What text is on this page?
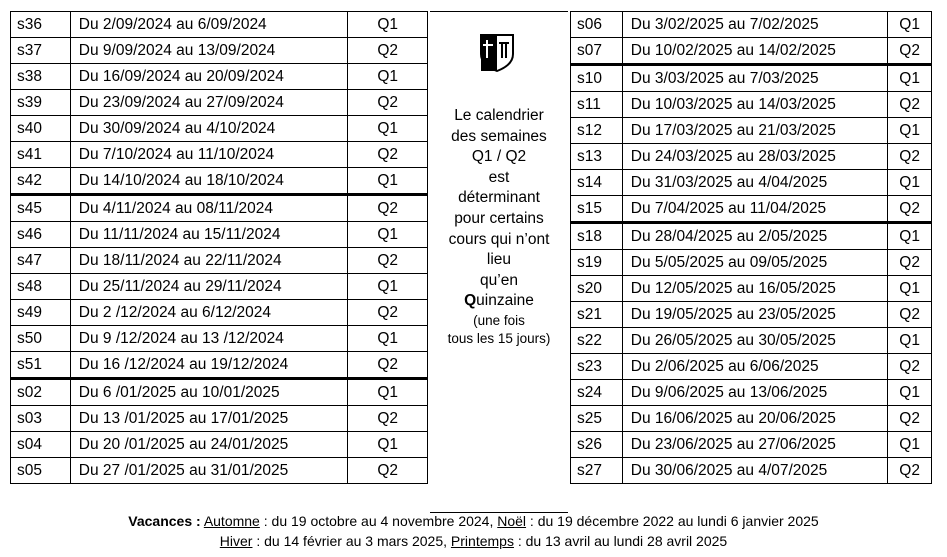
s36	Du 2/09/2024 au 6/09/2024	Q1
s37	Du 9/09/2024 au 13/09/2024	Q2
s38	Du 16/09/2024 au 20/09/2024	Q1
s39	Du 23/09/2024 au 27/09/2024	Q2
s40	Du 30/09/2024 au 4/10/2024	Q1
s41	Du 7/10/2024 au 11/10/2024	Q2
s42	Du 14/10/2024 au 18/10/2024	Q1
s45	Du 4/11/2024 au 08/11/2024	Q2
s46	Du 11/11/2024 au 15/11/2024	Q1
s47	Du 18/11/2024 au 22/11/2024	Q2
s48	Du 25/11/2024 au 29/11/2024	Q1
s49	Du 2 /12/2024 au 6/12/2024	Q2
s50	Du 9 /12/2024 au 13 /12/2024	Q1
s51	Du 16 /12/2024 au 19/12/2024	Q2
s02	Du 6 /01/2025 au 10/01/2025	Q1
s03	Du 13 /01/2025 au 17/01/2025	Q2
s04	Du 20 /01/2025 au 24/01/2025	Q1
s05	Du 27 /01/2025 au 31/01/2025	Q2
Le calendrier
des semaines
Q1 / Q2
est
déterminant
pour certains
cours qui n’ont
lieu
qu’en
Quinzaine
(une fois
tous les 15 jours)
s06	Du 3/02/2025 au 7/02/2025	Q1
s07	Du 10/02/2025 au 14/02/2025	Q2
s10	Du 3/03/2025 au 7/03/2025	Q1
s11	Du 10/03/2025 au 14/03/2025	Q2
s12	Du 17/03/2025 au 21/03/2025	Q1
s13	Du 24/03/2025 au 28/03/2025	Q2
s14	Du 31/03/2025 au 4/04/2025	Q1
s15	Du 7/04/2025 au 11/04/2025	Q2
s18	Du 28/04/2025 au 2/05/2025	Q1
s19	Du 5/05/2025 au 09/05/2025	Q2
s20	Du 12/05/2025 au 16/05/2025	Q1
s21	Du 19/05/2025 au 23/05/2025	Q2
s22	Du 26/05/2025 au 30/05/2025	Q1
s23	Du 2/06/2025 au 6/06/2025	Q2
s24	Du 9/06/2025 au 13/06/2025	Q1
s25	Du 16/06/2025 au 20/06/2025	Q2
s26	Du 23/06/2025 au 27/06/2025	Q1
s27	Du 30/06/2025 au 4/07/2025	Q2
Vacances : Automne : du 19 octobre au 4 novembre 2024, Noël : du 19 décembre 2022 au lundi 6 janvier 2025
Hiver : du 14 février au 3 mars 2025, Printemps : du 13 avril au lundi 28 avril 2025
